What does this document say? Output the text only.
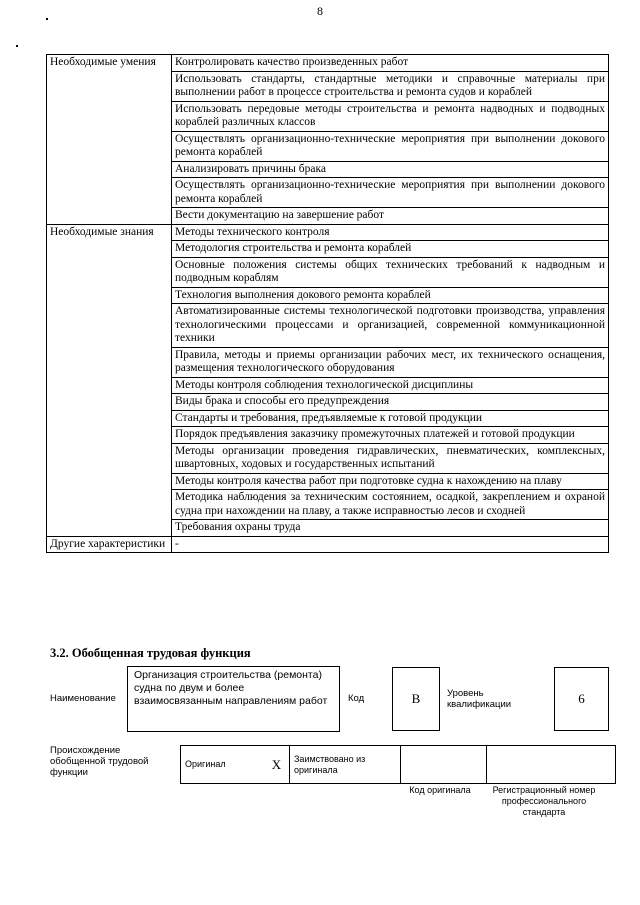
8
Необходимые умения	Контролировать качество произведенных работ
	Использовать стандарты, стандартные методики и справочные материалы при выполнении работ в процессе строительства и ремонта судов и кораблей
	Использовать передовые методы строительства и ремонта надводных и подводных кораблей различных классов
	Осуществлять организационно-технические мероприятия при выполнении докового ремонта кораблей
	Анализировать причины брака
	Осуществлять организационно-технические мероприятия при выполнении докового ремонта кораблей
	Вести документацию на завершение работ
Необходимые знания	Методы технического контроля
	Методология строительства и ремонта кораблей
	Основные положения системы общих технических требований к надводным и подводным кораблям
	Технология выполнения докового ремонта кораблей
	Автоматизированные системы технологической подготовки производства, управления технологическими процессами и организацией, современной коммуникационной техники
	Правила, методы и приемы организации рабочих мест, их технического оснащения, размещения технологического оборудования
	Методы контроля соблюдения технологической дисциплины
	Виды брака и способы его предупреждения
	Стандарты и требования, предъявляемые к готовой продукции
	Порядок предъявления заказчику промежуточных платежей и готовой продукции
	Методы организации проведения гидравлических, пневматических, комплексных, швартовных, ходовых и государственных испытаний
	Методы контроля качества работ при подготовке судна к нахождению на плаву
	Методика наблюдения за техническим состоянием, осадкой, закреплением и охраной судна при нахождении на плаву, а также исправностью лесов и сходней
	Требования охраны труда
Другие характеристики	-
3.2. Обобщенная трудовая функция
Наименование
Организация строительства (ремонта) судна по двум и более взаимосвязанным направлениям работ	Код	B	Уровень квалификации	6
Происхождение обобщенной трудовой функции
Оригинал	X	Заимствовано из оригинала		
Код оригинала	Регистрационный номер профессионального стандарта
